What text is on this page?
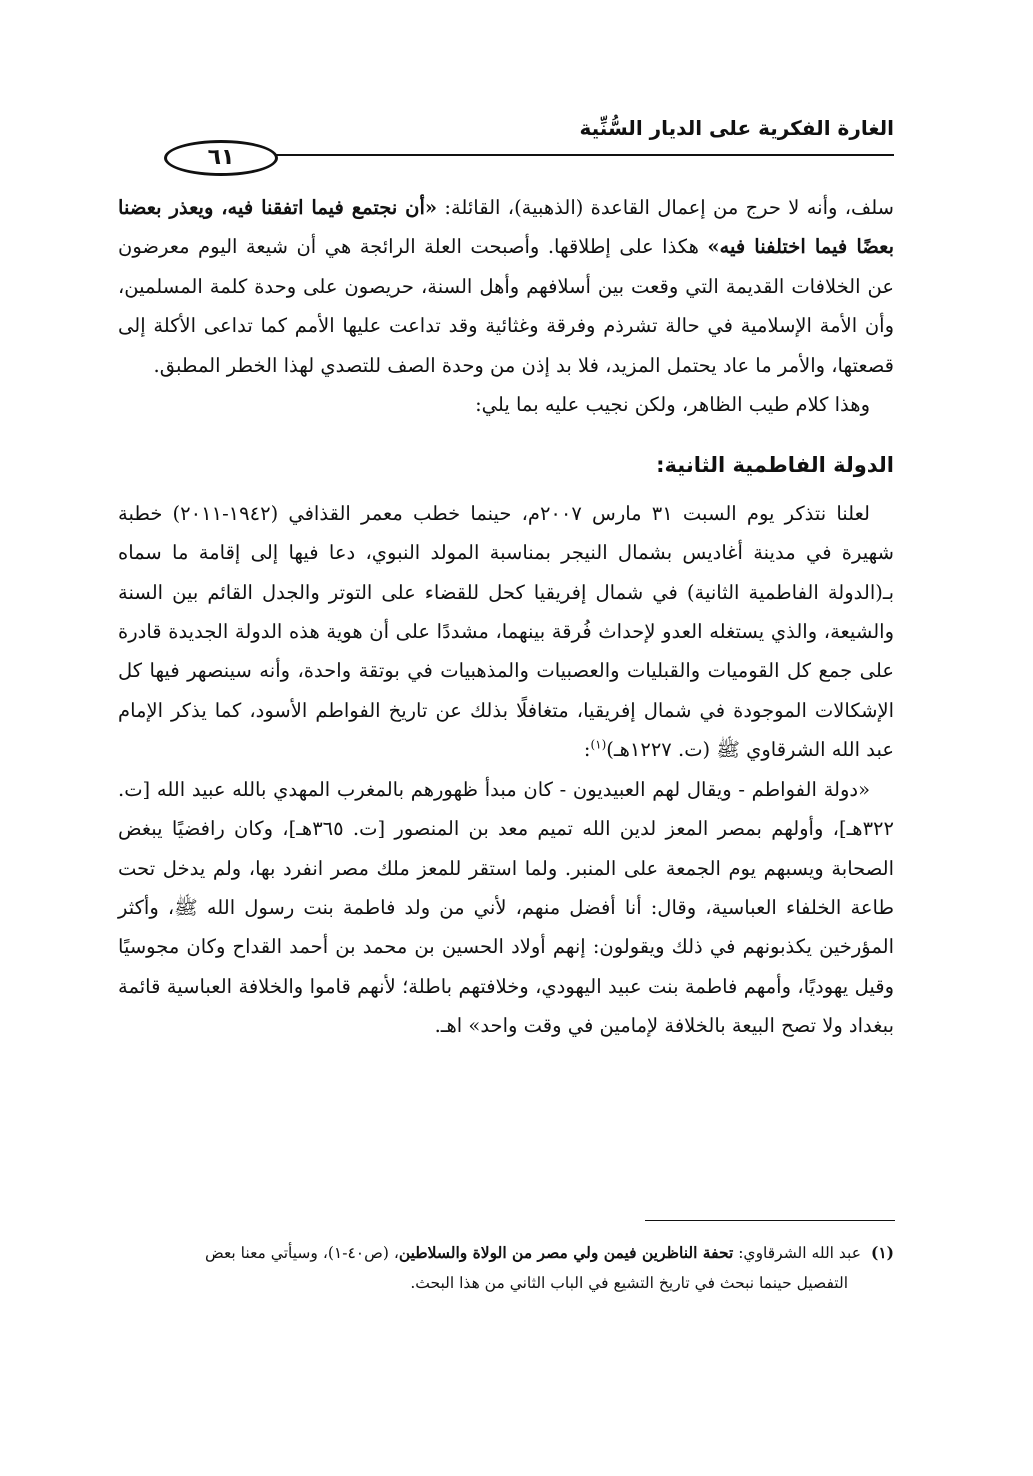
الغارة الفكرية على الديار السُّنِّية
٦١

سلف، وأنه لا حرج من إعمال القاعدة (الذهبية)، القائلة: «أن نجتمع فيما اتفقنا فيه، ويعذر بعضنا بعضًا فيما اختلفنا فيه» هكذا على إطلاقها. وأصبحت العلة الرائجة هي أن شيعة اليوم معرضون عن الخلافات القديمة التي وقعت بين أسلافهم وأهل السنة، حريصون على وحدة كلمة المسلمين، وأن الأمة الإسلامية في حالة تشرذم وفرقة وغثائية وقد تداعت عليها الأمم كما تداعى الأكلة إلى قصعتها، والأمر ما عاد يحتمل المزيد، فلا بد إذن من وحدة الصف للتصدي لهذا الخطر المطبق.

وهذا كلام طيب الظاهر، ولكن نجيب عليه بما يلي:

الدولة الفاطمية الثانية:

لعلنا نتذكر يوم السبت ٣١ مارس ٢٠٠٧م، حينما خطب معمر القذافي (١٩٤٢-٢٠١١) خطبة شهيرة في مدينة أغاديس بشمال النيجر بمناسبة المولد النبوي، دعا فيها إلى إقامة ما سماه بـ(الدولة الفاطمية الثانية) في شمال إفريقيا كحل للقضاء على التوتر والجدل القائم بين السنة والشيعة، والذي يستغله العدو لإحداث فُرقة بينهما، مشددًا على أن هوية هذه الدولة الجديدة قادرة على جمع كل القوميات والقبليات والعصبيات والمذهبيات في بوتقة واحدة، وأنه سينصهر فيها كل الإشكالات الموجودة في شمال إفريقيا، متغافلًا بذلك عن تاريخ الفواطم الأسود، كما يذكر الإمام عبد الله الشرقاوي ﷺ (ت. ١٢٢٧هـ)$^{(١)}$:

«دولة الفواطم - ويقال لهم العبيديون - كان مبدأ ظهورهم بالمغرب المهدي بالله عبيد الله [ت. ٣٢٢هـ]، وأولهم بمصر المعز لدين الله تميم معد بن المنصور [ت. ٣٦٥هـ]، وكان رافضيًا يبغض الصحابة ويسبهم يوم الجمعة على المنبر. ولما استقر للمعز ملك مصر انفرد بها، ولم يدخل تحت طاعة الخلفاء العباسية، وقال: أنا أفضل منهم، لأني من ولد فاطمة بنت رسول الله ﷺ، وأكثر المؤرخين يكذبونهم في ذلك ويقولون: إنهم أولاد الحسين بن محمد بن أحمد القداح وكان مجوسيًا وقيل يهوديًا، وأمهم فاطمة بنت عبيد اليهودي، وخلافتهم باطلة؛ لأنهم قاموا والخلافة العباسية قائمة ببغداد ولا تصح البيعة بالخلافة لإمامين في وقت واحد» اهـ.

(١)عبد الله الشرقاوي: تحفة الناظرين فيمن ولي مصر من الولاة والسلاطين، (ص٤٠-١)، وسيأتي معنا بعض

التفصيل حينما نبحث في تاريخ التشيع في الباب الثاني من هذا البحث.
